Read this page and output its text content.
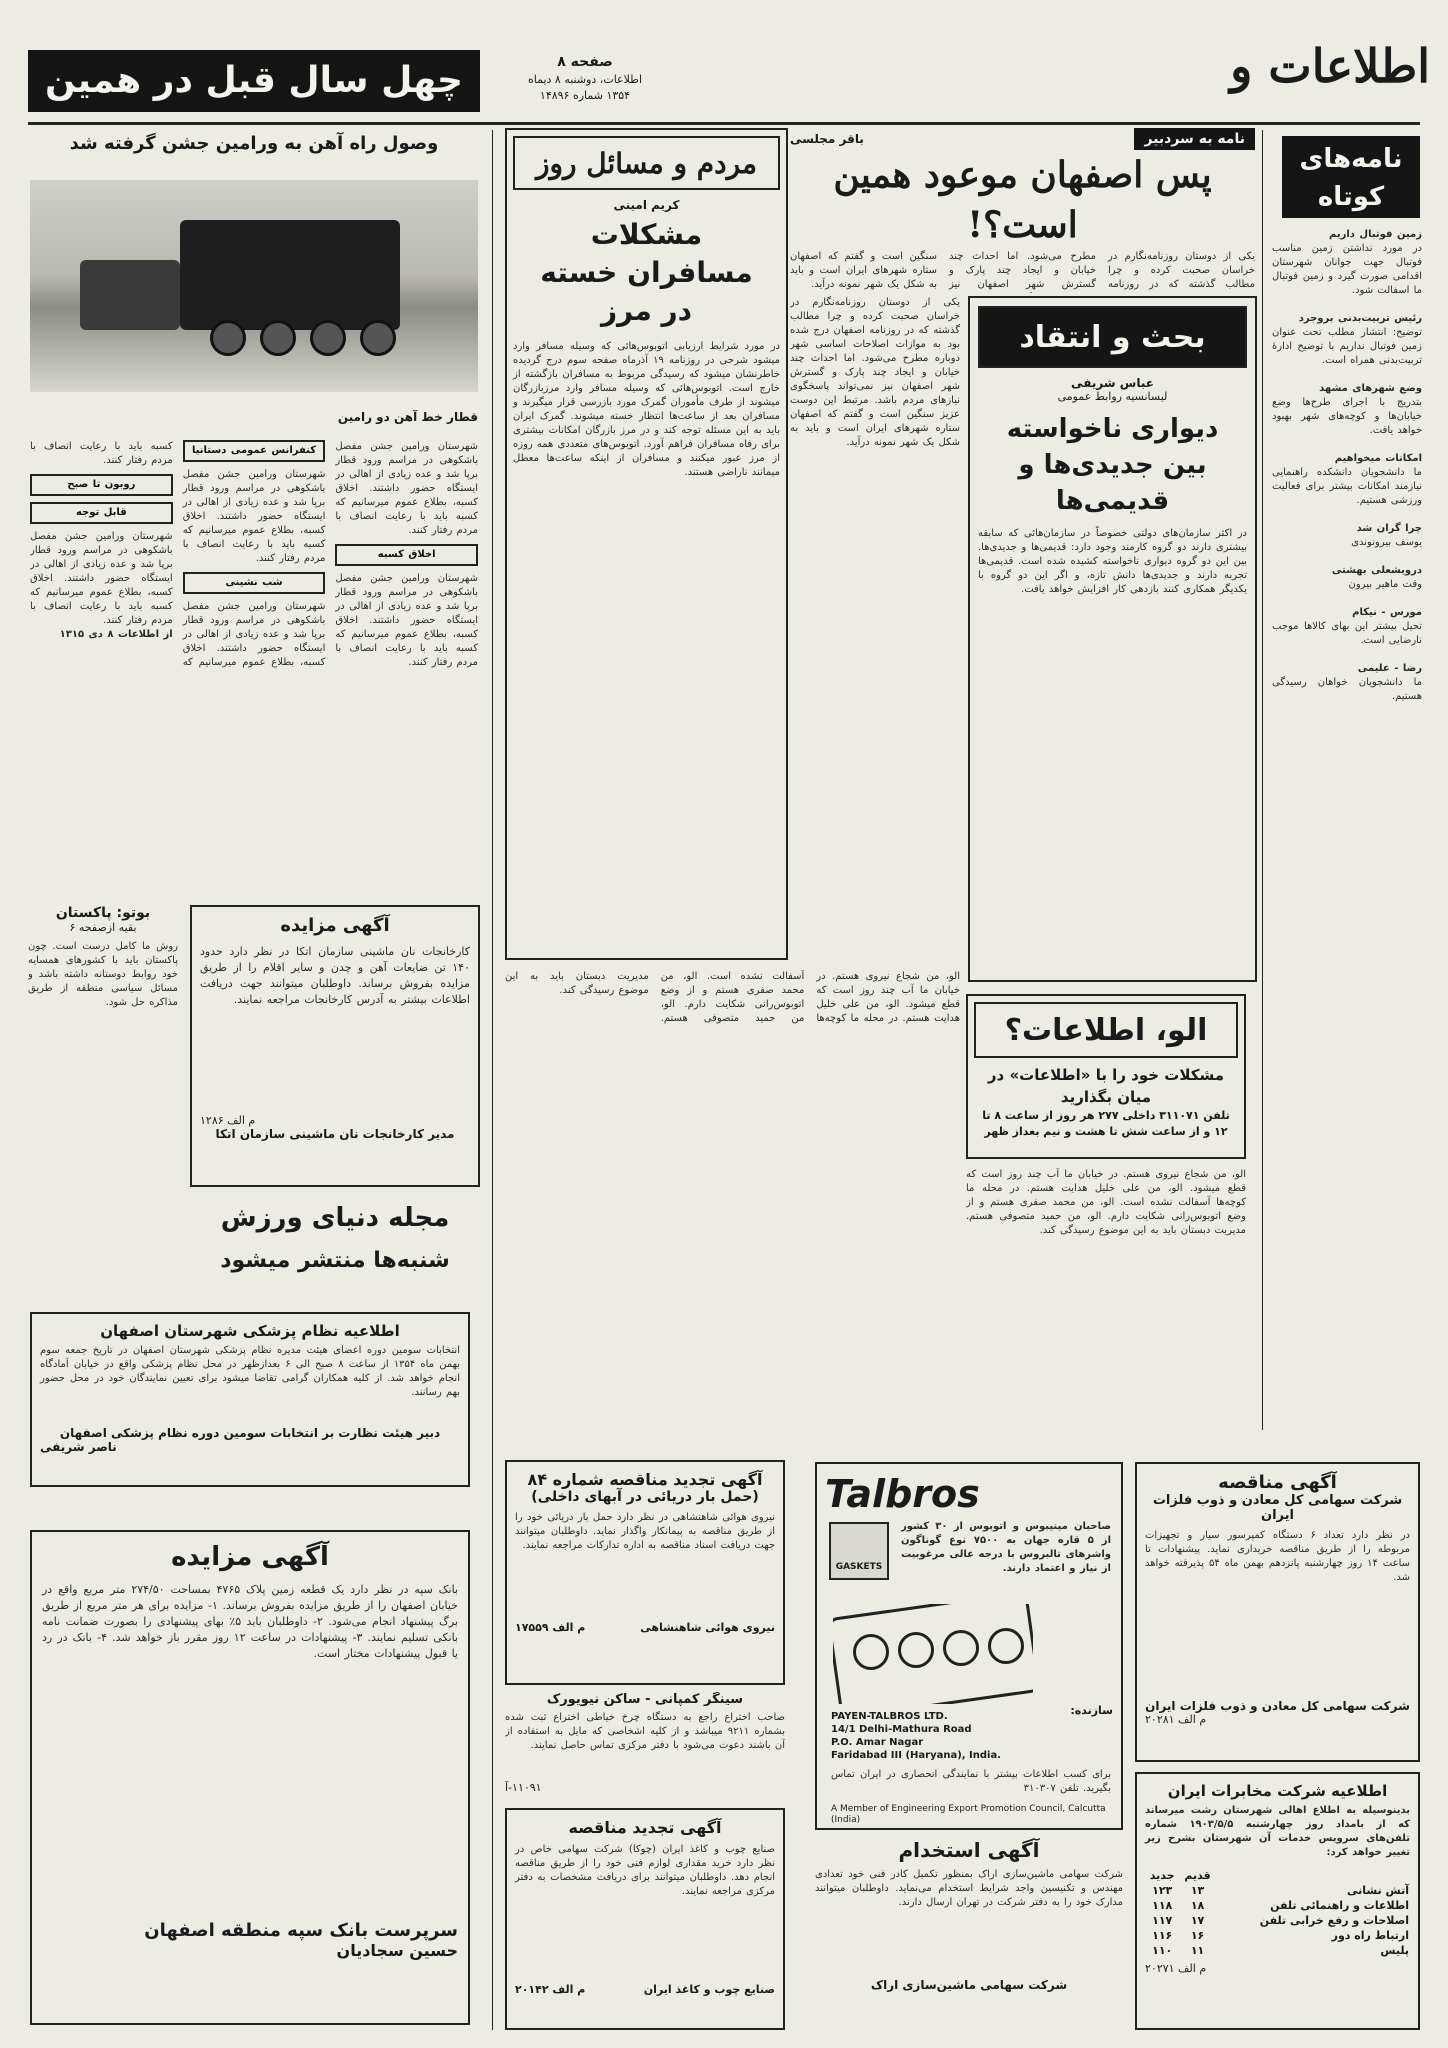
اطلاعات و
صفحه ۸
اطلاعات، دوشنبه ۸ دیماه ۱۳۵۴ شماره ۱۴۸۹۶
چهل سال قبل در همین
نامه‌های کوتاه
زمین فوتبال داریم
در مورد نداشتن زمین مناسب فوتبال جهت جوانان شهرستان اقدامی صورت گیرد و زمین فوتبال ما اسفالت شود.
رئیس تربیت‌بدنی بروجرد
توضیح: انتشار مطلب تحت عنوان زمین فوتبال نداریم با توضیح ادارهٔ تربیت‌بدنی همراه است.
وضع شهرهای مشهد
بتدریج با اجرای طرح‌ها وضع خیابان‌ها و کوچه‌های شهر بهبود خواهد یافت.
امکانات میخواهیم
ما دانشجویان دانشکده راهنمایی نیازمند امکانات بیشتر برای فعالیت ورزشی هستیم.
چرا گران شد
یوسف بیرونوندی
درویشعلی بهشتی
وقت ماهیر بیرون
مورس - نیکام
تحیل بیشتر این بهای کالاها موجب نارضایی است.
رضا - علیمی
ما دانشجویان خواهان رسیدگی هستیم.
نامه به سردبیر
باقر مجلسی
پس اصفهان موعود همین است؟!
یکی از دوستان روزنامه‌نگارم در خراسان صحبت کرده و چرا مطالب گذشته که در روزنامه مطرح می‌شود. اما احداث چند خیابان و ایجاد چند پارک و گسترش شهر اصفهان نیز سنگین است و گفتم که اصفهان ستاره شهرهای ایران است و باید به شکل یک شهر نمونه درآید.
مردم و مسائل روز
کریم امینی
مشکلات مسافران خسته در مرز
در مورد شرایط ارزیابی اتوبوس‌هائی که وسیله مسافر وارد میشود شرحی در روزنامه ۱۹ آذرماه صفحه سوم درج گردیده خاطرنشان میشود که رسیدگی مربوط به مسافران بازگشته از خارج است. اتوبوس‌هائی که وسیله مسافر وارد مرزبازرگان میشوند از طرف مأموران گمرک مورد بازرسی قرار میگیرند و مسافران بعد از ساعت‌ها انتظار خسته میشوند. گمرک ایران باید به این مسئله توجه کند و در مرز بازرگان امکانات بیشتری برای رفاه مسافران فراهم آورد. اتوبوس‌های متعددی همه روزه از مرز عبور میکنند و مسافران از اینکه ساعت‌ها معطل میمانند ناراضی هستند.
بحث و انتقاد
عباس شریفی
لیسانسیه روابط عمومی
دیواری ناخواسته بین جدیدی‌ها و قدیمی‌ها
در اکثر سازمان‌های دولتی خصوصاً در سازمان‌هائی که سابقه بیشتری دارند دو گروه کارمند وجود دارد: قدیمی‌ها و جدیدی‌ها. بین این دو گروه دیواری ناخواسته کشیده شده است. قدیمی‌ها تجربه دارند و جدیدی‌ها دانش تازه، و اگر این دو گروه با یکدیگر همکاری کنند بازدهی کار افزایش خواهد یافت.
یکی از دوستان روزنامه‌نگارم در خراسان صحبت کرده و چرا مطالب گذشته که در روزنامه اصفهان درج شده بود به موازات اصلاحات اساسی شهر دوباره مطرح می‌شود. اما احداث چند خیابان و ایجاد چند پارک و گسترش شهر اصفهان نیز نمی‌تواند پاسخگوی نیازهای مردم باشد. مرتبط این دوست عزیز سنگین است و گفتم که اصفهان ستاره شهرهای ایران است و باید به شکل یک شهر نمونه درآید.
الو، اطلاعات؟
مشکلات خود را با «اطلاعات» در میان بگذارید
تلفن ۳۱۱۰۷۱ داخلی ۲۷۷ هر روز از ساعت ۸ تا ۱۲ و از ساعت شش تا هشت و نیم بعداز ظهر
الو، من شجاع نیروی هستم. در خیابان ما آب چند روز است که قطع میشود. الو، من علی خلیل هدایت هستم. در محله ما کوچه‌ها آسفالت نشده است. الو، من محمد صفری هستم و از وضع اتوبوس‌رانی شکایت دارم. الو، من حمید متصوفی هستم. مدیریت دبستان باید به این موضوع رسیدگی کند.
الو، من شجاع نیروی هستم. در خیابان ما آب چند روز است که قطع میشود. الو، من علی خلیل هدایت هستم. در محله ما کوچه‌ها آسفالت نشده است. الو، من محمد صفری هستم و از وضع اتوبوس‌رانی شکایت دارم. الو، من حمید متصوفی هستم. مدیریت دبستان باید به این موضوع رسیدگی کند.
وصول راه آهن به ورامین جشن گرفته شد
قطار خط آهن دو رامین
شهرستان ورامین جشن مفصل باشکوهی در مراسم ورود قطار برپا شد و عده زیادی از اهالی در ایستگاه حضور داشتند. اخلاق کسبه، بطلاع عموم میرسانیم که کسبه باید با رعایت انصاف با مردم رفتار کنند.
اخلاق کسبه
شهرستان ورامین جشن مفصل باشکوهی در مراسم ورود قطار برپا شد و عده زیادی از اهالی در ایستگاه حضور داشتند. اخلاق کسبه، بطلاع عموم میرسانیم که کسبه باید با رعایت انصاف با مردم رفتار کنند.
کنفرانس عمومی دستانیا
شهرستان ورامین جشن مفصل باشکوهی در مراسم ورود قطار برپا شد و عده زیادی از اهالی در ایستگاه حضور داشتند. اخلاق کسبه، بطلاع عموم میرسانیم که کسبه باید با رعایت انصاف با مردم رفتار کنند.
شب نشینی
شهرستان ورامین جشن مفصل باشکوهی در مراسم ورود قطار برپا شد و عده زیادی از اهالی در ایستگاه حضور داشتند. اخلاق کسبه، بطلاع عموم میرسانیم که کسبه باید با رعایت انصاف با مردم رفتار کنند.
روبون تا صبح
قابل توجه
شهرستان ورامین جشن مفصل باشکوهی در مراسم ورود قطار برپا شد و عده زیادی از اهالی در ایستگاه حضور داشتند. اخلاق کسبه، بطلاع عموم میرسانیم که کسبه باید با رعایت انصاف با مردم رفتار کنند.
از اطلاعات ۸ دی ۱۳۱۵
بوتو: پاکستان
بقیه ازصفحه ۶
روش ما کامل درست است. چون پاکستان باید با کشورهای همسایه خود روابط دوستانه داشته باشد و مسائل سیاسی منطقه از طریق مذاکره حل شود.
آگهی مزایده
کارخانجات نان ماشینی سازمان اتکا در نظر دارد حدود ۱۴۰ تن ضایعات آهن و چدن و سایر اقلام را از طریق مزایده بفروش برساند. داوطلبان میتوانند جهت دریافت اطلاعات بیشتر به آدرس کارخانجات مراجعه نمایند.
م الف ۱۲۸۶
مدیر کارخانجات نان ماشینی سازمان اتکا
مجله دنیای ورزش
شنبه‌ها منتشر میشود
اطلاعیه نظام پزشکی شهرستان اصفهان
انتخابات سومین دوره اعضای هیئت مدیره نظام پزشکی شهرستان اصفهان در تاریخ جمعه سوم بهمن ماه ۱۳۵۴ از ساعت ۸ صبح الی ۶ بعدازظهر در محل نظام پزشکی واقع در خیابان آمادگاه انجام خواهد شد. از کلیه همکاران گرامی تقاضا میشود برای تعیین نمایندگان خود در محل حضور بهم رسانند.
دبیر هیئت نظارت بر انتخابات سومین دوره نظام پزشکی اصفهان
ناصر شریفی
آگهی مزایده
بانک سپه در نظر دارد یک قطعه زمین پلاک ۴۷۶۵ بمساحت ۲۷۴/۵۰ متر مربع واقع در خیابان اصفهان را از طریق مزایده بفروش برساند. ۱- مزایده برای هر متر مربع از طریق برگ پیشنهاد انجام می‌شود. ۲- داوطلبان باید ۵٪ بهای پیشنهادی را بصورت ضمانت نامه بانکی تسلیم نمایند. ۳- پیشنهادات در ساعت ۱۲ روز مقرر باز خواهد شد. ۴- بانک در رد یا قبول پیشنهادات مختار است.
سرپرست بانک سپه منطقه اصفهان
حسین سجادیان
آگهی تجدید مناقصه شماره ۸۴
(حمل بار دریائی در آبهای داخلی)
نیروی هوائی شاهنشاهی در نظر دارد حمل بار دریائی خود را از طریق مناقصه به پیمانکار واگذار نماید. داوطلبان میتوانند جهت دریافت اسناد مناقصه به اداره تدارکات مراجعه نمایند.
نیروی هوائی شاهنشاهی
م الف ۱۷۵۵۹
سینگر کمپانی - ساکن نیویورک
صاحب اختراع راجع به دستگاه چرخ خیاطی اختراع ثبت شده بشماره ۹۲۱۱ میباشد و از کلیه اشخاصی که مایل به استفاده از آن باشند دعوت می‌شود با دفتر مرکزی تماس حاصل نمایند.
۱۱۰۹۱-آ
آگهی تجدید مناقصه
صنایع چوب و کاغذ ایران (چوکا) شرکت سهامی خاص در نظر دارد خرید مقداری لوازم فنی خود را از طریق مناقصه انجام دهد. داوطلبان میتوانند برای دریافت مشخصات به دفتر مرکزی مراجعه نمایند.
صنایع چوب و کاغذ ایران
م الف ۲۰۱۴۲
Talbros
GASKETS
صاحبان مینیبوس و اتوبوس از ۳۰ کشور از ۵ قاره جهان به ۷۵۰۰ نوع گوناگون واشرهای تالبروس با درجه عالی مرغوبیت از نیاز و اعتماد دارند.
سازنده:
PAYEN-TALBROS LTD.
14/1 Delhi-Mathura Road
P.O. Amar Nagar
Faridabad III (Haryana), India.
برای کسب اطلاعات بیشتر با نمایندگی انحصاری در ایران تماس بگیرید. تلفن ۳۱۰۳۰۷
A Member of Engineering Export Promotion Council, Calcutta (India)
آگهی استخدام
شرکت سهامی ماشین‌سازی اراک بمنظور تکمیل کادر فنی خود تعدادی مهندس و تکنیسین واجد شرایط استخدام می‌نماید. داوطلبان میتوانند مدارک خود را به دفتر شرکت در تهران ارسال دارند.
شرکت سهامی ماشین‌سازی اراک
آگهی مناقصه
شرکت سهامی کل معادن و ذوب فلزات ایران
در نظر دارد تعداد ۶ دستگاه کمپرسور سیار و تجهیزات مربوطه را از طریق مناقصه خریداری نماید. پیشنهادات تا ساعت ۱۴ روز چهارشنبه پانزدهم بهمن ماه ۵۴ پذیرفته خواهد شد.
شرکت سهامی کل معادن و ذوب فلزات ایران
م الف ۲۰۲۸۱
اطلاعیه شرکت مخابرات ایران
بدینوسیله به اطلاع اهالی شهرستان رشت میرساند که از بامداد روز چهارشنبه ۱۹۰۳/۵/۵ شماره تلفن‌های سرویس خدمات آن شهرستان بشرح زیر تغییر خواهد کرد:
	قدیم	جدید
آتش نشانی	۱۳	۱۲۳
اطلاعات و راهنمائی تلفن	۱۸	۱۱۸
اصلاحات و رفع خرابی تلفن	۱۷	۱۱۷
ارتباط راه دور	۱۶	۱۱۶
پلیس	۱۱	۱۱۰
م الف ۲۰۲۷۱
